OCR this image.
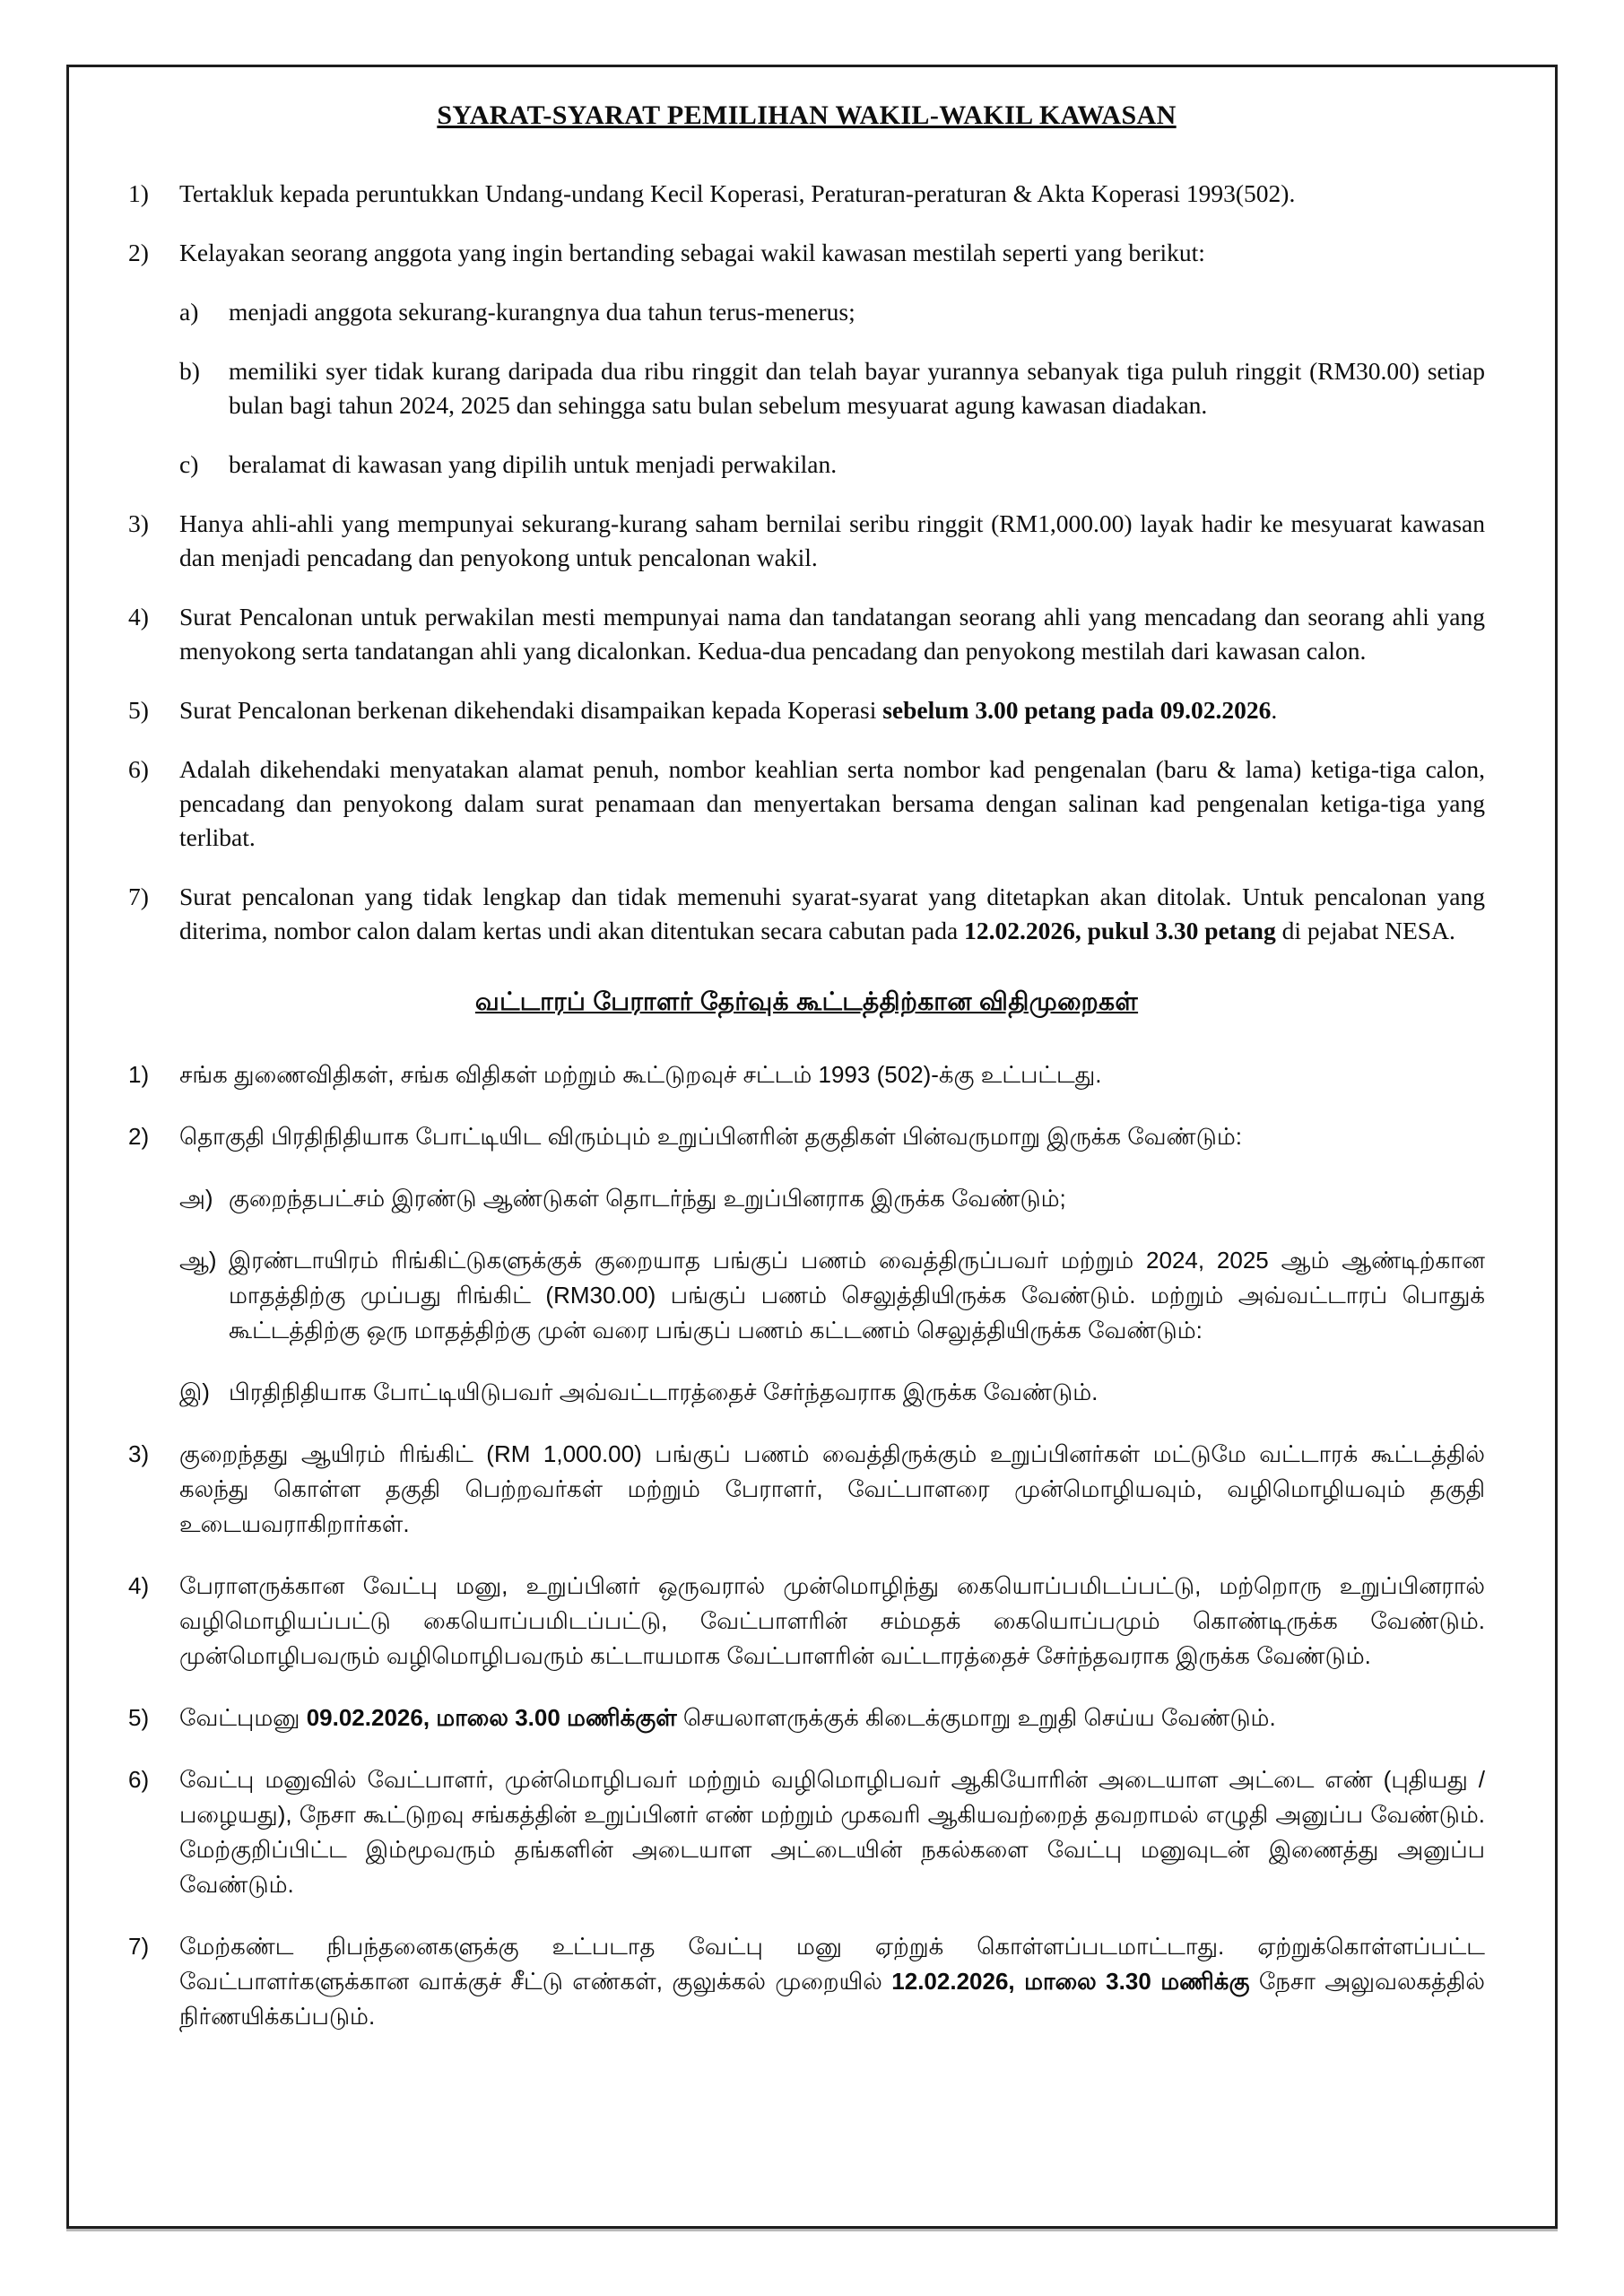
SYARAT-SYARAT PEMILIHAN WAKIL-WAKIL KAWASAN
1)	Tertakluk kepada peruntukkan Undang-undang Kecil Koperasi, Peraturan-peraturan & Akta Koperasi 1993(502).
2)	Kelayakan seorang anggota yang ingin bertanding sebagai wakil kawasan mestilah seperti yang berikut:
a)	menjadi anggota sekurang-kurangnya dua tahun terus-menerus;
b)	memiliki syer tidak kurang daripada dua ribu ringgit dan telah bayar yurannya sebanyak tiga puluh ringgit (RM30.00) setiap bulan bagi tahun 2024, 2025 dan sehingga satu bulan sebelum mesyuarat agung kawasan diadakan.
c)	beralamat di kawasan yang dipilih untuk menjadi perwakilan.
3)	Hanya ahli-ahli yang mempunyai sekurang-kurang saham bernilai seribu ringgit (RM1,000.00) layak hadir ke mesyuarat kawasan dan menjadi pencadang dan penyokong untuk pencalonan wakil.
4)	Surat Pencalonan untuk perwakilan mesti mempunyai nama dan tandatangan seorang ahli yang mencadang dan seorang ahli yang menyokong serta tandatangan ahli yang dicalonkan. Kedua-dua pencadang dan penyokong mestilah dari kawasan calon.
5)	Surat Pencalonan berkenan dikehendaki disampaikan kepada Koperasi sebelum 3.00 petang pada 09.02.2026.
6)	Adalah dikehendaki menyatakan alamat penuh, nombor keahlian serta nombor kad pengenalan (baru & lama) ketiga-tiga calon, pencadang dan penyokong dalam surat penamaan dan menyertakan bersama dengan salinan kad pengenalan ketiga-tiga yang terlibat.
7)	Surat pencalonan yang tidak lengkap dan tidak memenuhi syarat-syarat yang ditetapkan akan ditolak. Untuk pencalonan yang diterima, nombor calon dalam kertas undi akan ditentukan secara cabutan pada 12.02.2026, pukul 3.30 petang di pejabat NESA.
வட்டாரப் பேராளர் தேர்வுக் கூட்டத்திற்கான விதிமுறைகள்
1)	சங்க துணைவிதிகள், சங்க விதிகள் மற்றும் கூட்டுறவுச் சட்டம் 1993 (502)-க்கு உட்பட்டது.
2)	தொகுதி பிரதிநிதியாக போட்டியிட விரும்பும் உறுப்பினரின் தகுதிகள் பின்வருமாறு இருக்க வேண்டும்:
அ) குறைந்தபட்சம் இரண்டு ஆண்டுகள் தொடர்ந்து உறுப்பினராக இருக்க வேண்டும்;
ஆ) இரண்டாயிரம் ரிங்கிட்டுகளுக்குக் குறையாத பங்குப் பணம் வைத்திருப்பவர் மற்றும் 2024, 2025 ஆம் ஆண்டிற்கான மாதத்திற்கு முப்பது ரிங்கிட் (RM30.00) பங்குப் பணம் செலுத்தியிருக்க வேண்டும். மற்றும் அவ்வட்டாரப் பொதுக் கூட்டத்திற்கு ஒரு மாதத்திற்கு முன் வரை பங்குப் பணம் கட்டணம் செலுத்தியிருக்க வேண்டும்:
இ) பிரதிநிதியாக போட்டியிடுபவர் அவ்வட்டாரத்தைச் சேர்ந்தவராக இருக்க வேண்டும்.
3)	குறைந்தது ஆயிரம் ரிங்கிட் (RM 1,000.00) பங்குப் பணம் வைத்திருக்கும் உறுப்பினர்கள் மட்டுமே வட்டாரக் கூட்டத்தில் கலந்து கொள்ள தகுதி பெற்றவர்கள் மற்றும் பேராளர், வேட்பாளரை முன்மொழியவும், வழிமொழியவும் தகுதி உடையவராகிறார்கள்.
4)	பேராளருக்கான வேட்பு மனு, உறுப்பினர் ஒருவரால் முன்மொழிந்து கையொப்பமிடப்பட்டு, மற்றொரு உறுப்பினரால் வழிமொழியப்பட்டு கையொப்பமிடப்பட்டு, வேட்பாளரின் சம்மதக் கையொப்பமும் கொண்டிருக்க வேண்டும். முன்மொழிபவரும் வழிமொழிபவரும் கட்டாயமாக வேட்பாளரின் வட்டாரத்தைச் சேர்ந்தவராக இருக்க வேண்டும்.
5)	வேட்புமனு 09.02.2026, மாலை 3.00 மணிக்குள் செயலாளருக்குக் கிடைக்குமாறு உறுதி செய்ய வேண்டும்.
6)	வேட்பு மனுவில் வேட்பாளர், முன்மொழிபவர் மற்றும் வழிமொழிபவர் ஆகியோரின் அடையாள அட்டை எண் (புதியது / பழையது), நேசா கூட்டுறவு சங்கத்தின் உறுப்பினர் எண் மற்றும் முகவரி ஆகியவற்றைத் தவறாமல் எழுதி அனுப்ப வேண்டும். மேற்குறிப்பிட்ட இம்மூவரும் தங்களின் அடையாள அட்டையின் நகல்களை வேட்பு மனுவுடன் இணைத்து அனுப்ப வேண்டும்.
7)	மேற்கண்ட நிபந்தனைகளுக்கு உட்படாத வேட்பு மனு ஏற்றுக் கொள்ளப்படமாட்டாது. ஏற்றுக்கொள்ளப்பட்ட வேட்பாளர்களுக்கான வாக்குச் சீட்டு எண்கள், குலுக்கல் முறையில் 12.02.2026, மாலை 3.30 மணிக்கு நேசா அலுவலகத்தில் நிர்ணயிக்கப்படும்.
